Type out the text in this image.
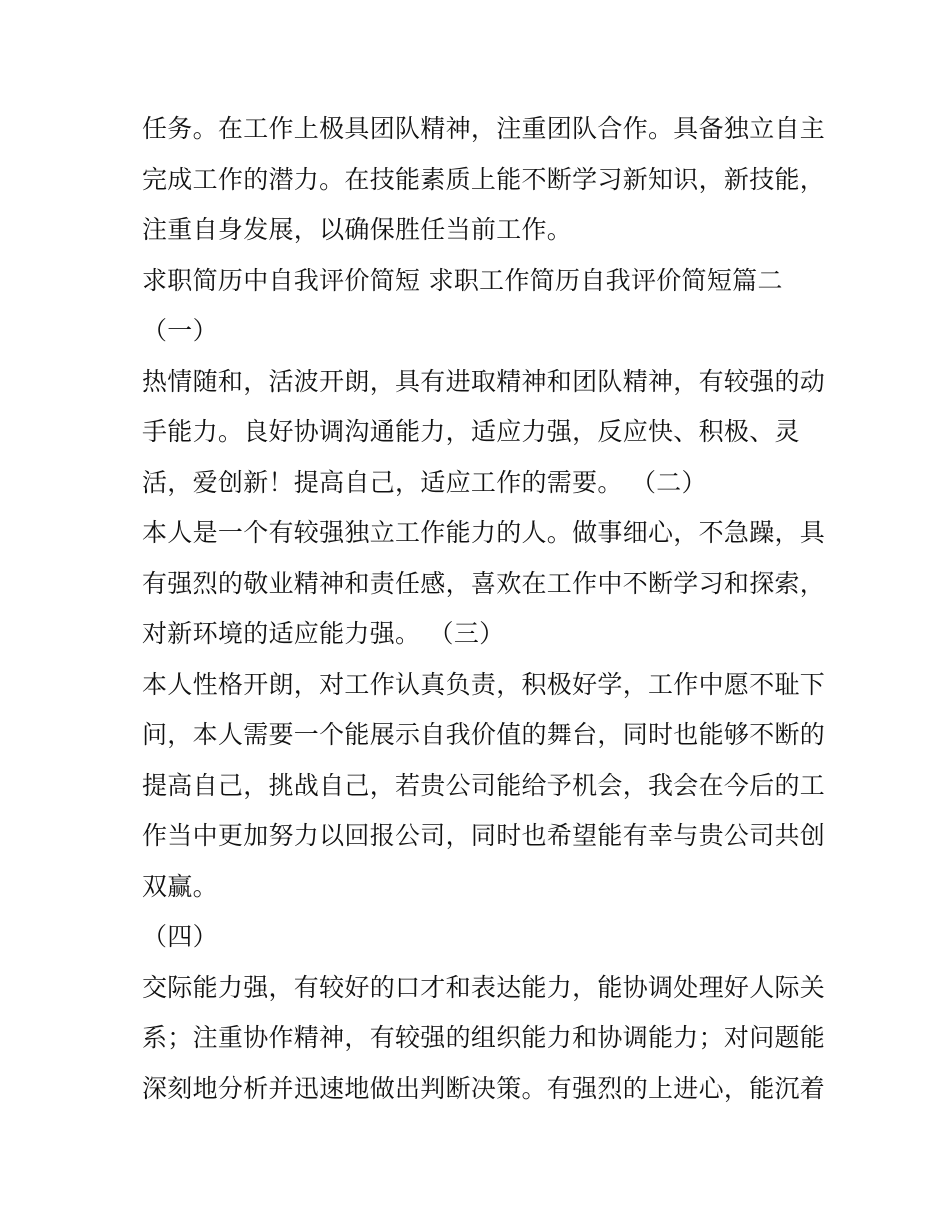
任务。在工作上极具团队精神，注重团队合作。具备独立自主
完成工作的潜力。在技能素质上能不断学习新知识，新技能，
注重自身发展，以确保胜任当前工作。
求职简历中自我评价简短 求职工作简历自我评价简短篇二
（一）
热情随和，活波开朗，具有进取精神和团队精神，有较强的动
手能力。良好协调沟通能力，适应力强，反应快、积极、灵
活，爱创新！提高自己，适应工作的需要。 （二）
本人是一个有较强独立工作能力的人。做事细心，不急躁，具
有强烈的敬业精神和责任感，喜欢在工作中不断学习和探索，
对新环境的适应能力强。 （三）
本人性格开朗，对工作认真负责，积极好学，工作中愿不耻下
问，本人需要一个能展示自我价值的舞台，同时也能够不断的
提高自己，挑战自己，若贵公司能给予机会，我会在今后的工
作当中更加努力以回报公司，同时也希望能有幸与贵公司共创
双赢。
（四）
交际能力强，有较好的口才和表达能力，能协调处理好人际关
系；注重协作精神，有较强的组织能力和协调能力；对问题能
深刻地分析并迅速地做出判断决策。有强烈的上进心，能沉着
